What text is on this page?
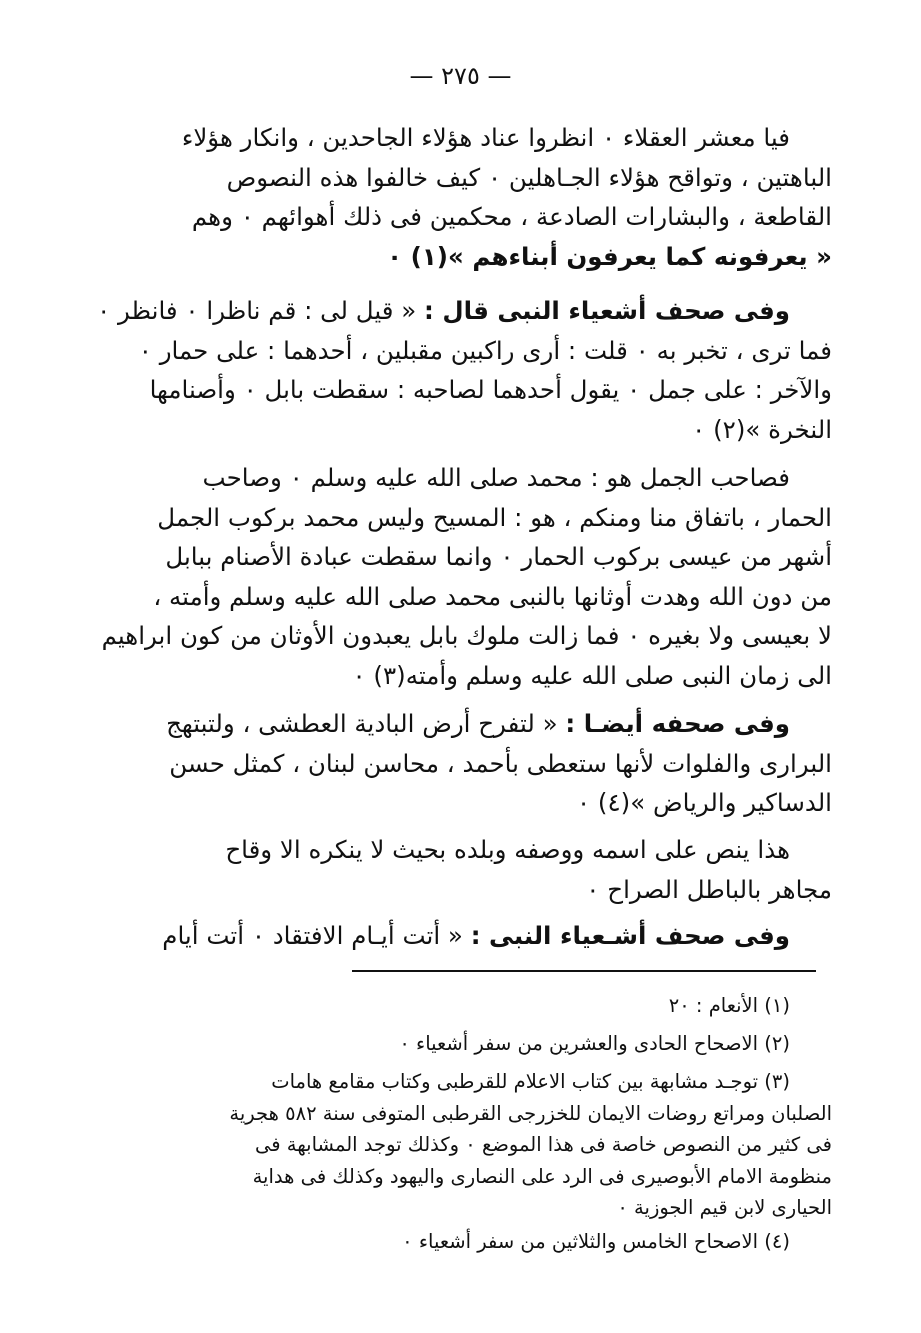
— ٢٧٥ —
فيا معشر العقلاء ٠ انظروا عناد هؤلاء الجاحدين ، وانكار هؤلاء
الباهتين ، وتواقح هؤلاء الجـاهلين ٠ كيف خالفوا هذه النصوص
القاطعة ، والبشارات الصادعة ، محكمين فى ذلك أهوائهم ٠ وهم
« يعرفونه كما يعرفون أبناءهم »(١) ٠
وفى صحف أشعياء النبى قال : « قيل لى : قم ناظرا ٠ فانظر ٠
فما ترى ، تخبر به ٠ قلت : أرى راكبين مقبلين ، أحدهما : على حمار ٠
والآخر : على جمل ٠ يقول أحدهما لصاحبه : سقطت بابل ٠ وأصنامها
النخرة »(٢) ٠
فصاحب الجمل هو : محمد صلى الله عليه وسلم ٠ وصاحب
الحمار ، باتفاق منا ومنكم ، هو : المسيح وليس محمد بركوب الجمل
أشهر من عيسى بركوب الحمار ٠ وانما سقطت عبادة الأصنام ببابل
من دون الله وهدت أوثانها بالنبى محمد صلى الله عليه وسلم وأمته ،
لا بعيسى ولا بغيره ٠ فما زالت ملوك بابل يعبدون الأوثان من كون ابراهيم
الى زمان النبى صلى الله عليه وسلم وأمته(٣) ٠
وفى صحفه أيضـا : « لتفرح أرض البادية العطشى ، ولتبتهج
البرارى والفلوات لأنها ستعطى بأحمد ، محاسن لبنان ، كمثل حسن
الدساكير والرياض »(٤) ٠
هذا ينص على اسمه ووصفه وبلده بحيث لا ينكره الا وقاح
مجاهر بالباطل الصراح ٠
وفى صحف أشـعياء النبى : « أتت أيـام الافتقاد ٠ أتت أيام
(١) الأنعام : ٢٠
(٢) الاصحاح الحادى والعشرين من سفر أشعياء ٠
(٣) توجـد مشابهة بين كتاب الاعلام للقرطبى وكتاب مقامع هامات
الصلبان ومراتع روضات الايمان للخزرجى القرطبى المتوفى سنة ٥٨٢ هجرية
فى كثير من النصوص خاصة فى هذا الموضع ٠ وكذلك توجد المشابهة فى
منظومة الامام الأبوصيرى فى الرد على النصارى واليهود وكذلك فى هداية
الحيارى لابن قيم الجوزية ٠
(٤) الاصحاح الخامس والثلاثين من سفر أشعياء ٠
